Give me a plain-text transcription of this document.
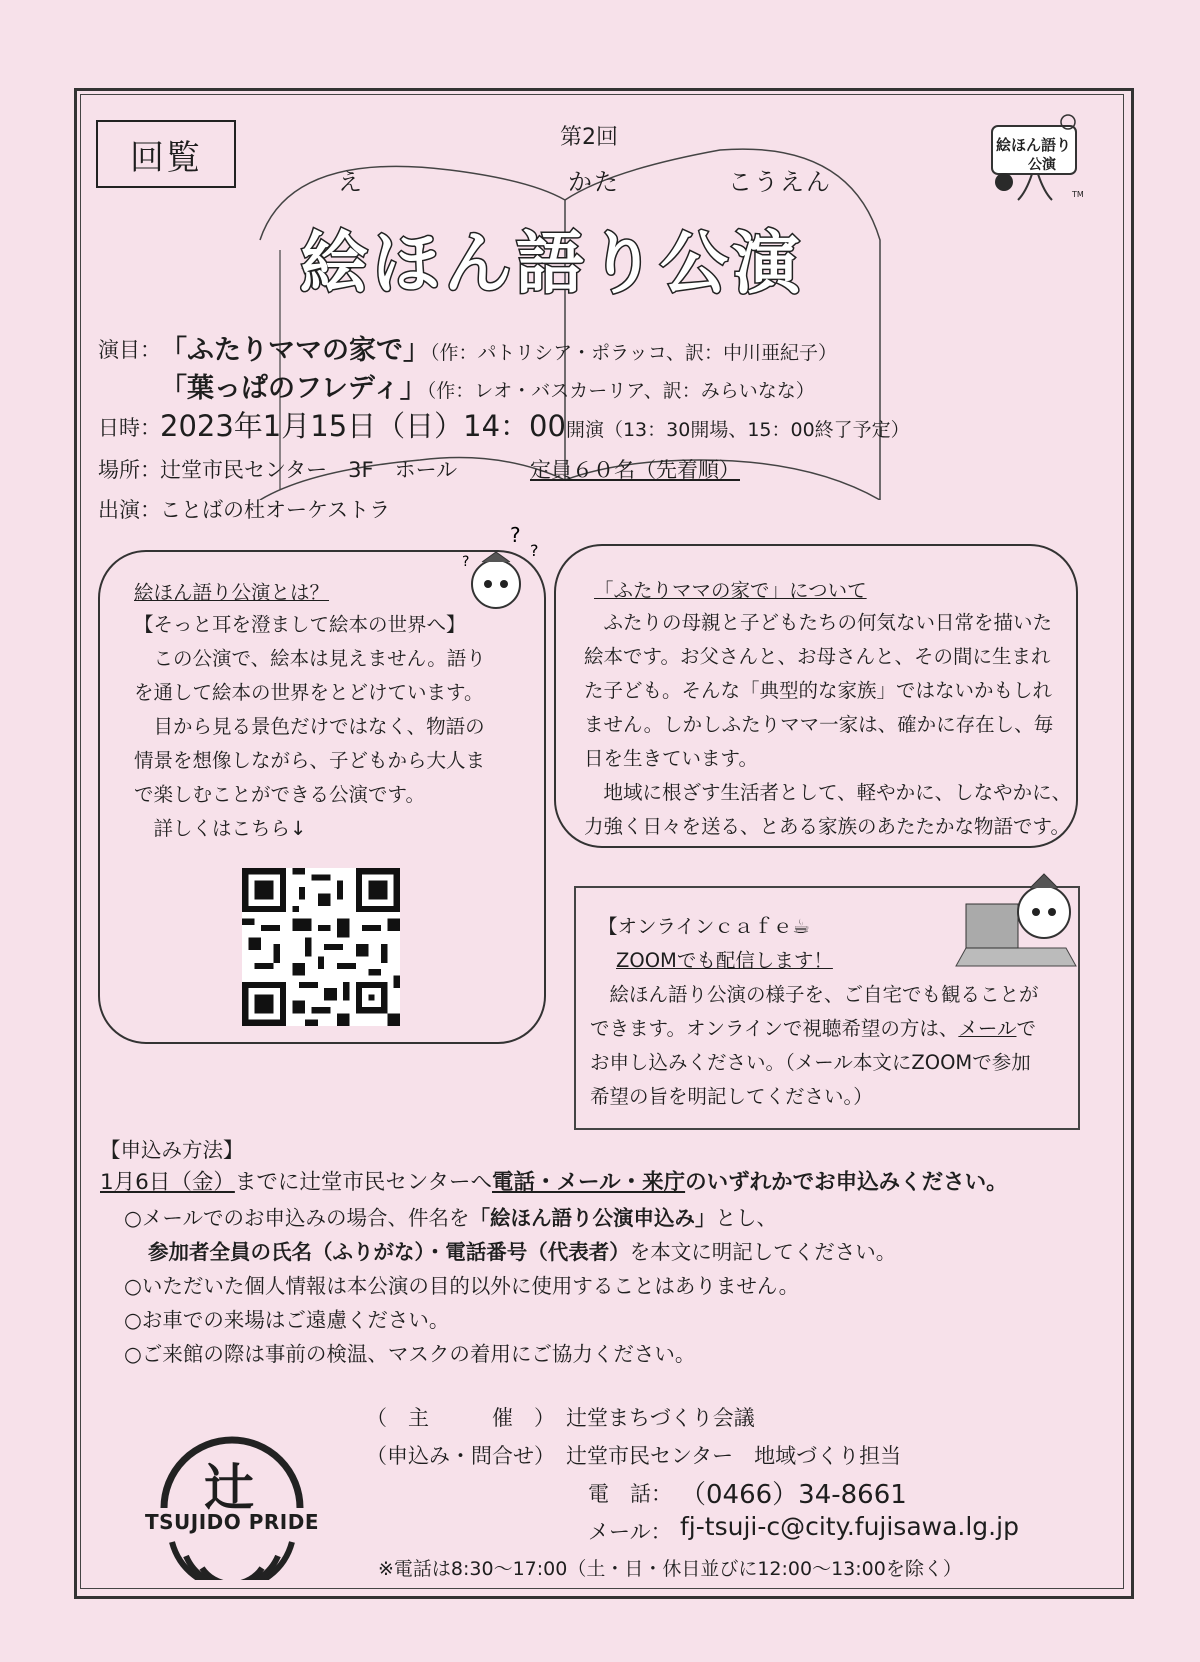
回覧	第2回
え	かた	こうえん
絵ほん語り公演
絵ほん語り
公演
TM
演目： 「ふたりママの家で」（作：パトリシア・ポラッコ、訳：中川亜紀子）
「葉っぱのフレディ」（作：レオ・バスカーリア、訳：みらいなな）
日時： 2023年1月15日（日）14：00開演（13：30開場、15：00終了予定）
場所： 辻堂市民センター　3F　ホール	定員６０名（先着順）
出演： ことばの杜オーケストラ
絵ほん語り公演とは？
【そっと耳を澄まして絵本の世界へ】
　この公演で、絵本は見えません。語り
を通して絵本の世界をとどけています。
　目から見る景色だけではなく、物語の
情景を想像しながら、子どもから大人ま
で楽しむことができる公演です。
　詳しくはこちら↓
?
?
?
「ふたりママの家で」について
　ふたりの母親と子どもたちの何気ない日常を描いた
絵本です。お父さんと、お母さんと、その間に生まれ
た子ども。そんな「典型的な家族」ではないかもしれ
ません。しかしふたりママ一家は、確かに存在し、毎
日を生きています。
　地域に根ざす生活者として、軽やかに、しなやかに、
力強く日々を送る、とある家族のあたたかな物語です。
【オンラインｃａｆｅ☕
ZOOMでも配信します！
　絵ほん語り公演の様子を、ご自宅でも観ることが
できます。オンラインで視聴希望の方は、メールで
お申し込みください。（メール本文にZOOMで参加
希望の旨を明記してください。）
【申込み方法】
1月6日（金）までに辻堂市民センターへ電話・メール・来庁のいずれかでお申込みください。
○メールでのお申込みの場合、件名を「絵ほん語り公演申込み」とし、
参加者全員の氏名（ふりがな）・電話番号（代表者）を本文に明記してください。
○いただいた個人情報は本公演の目的以外に使用することはありません。
○お車での来場はご遠慮ください。
○ご来館の際は事前の検温、マスクの着用にご協力ください。
辻
TSUJIDO PRIDE
（　主　　　催　） 辻堂まちづくり会議
（申込み・問合せ） 辻堂市民センター　地域づくり担当
電　話： （0466）34-8661
メール： fj-tsuji-c@city.fujisawa.lg.jp
※電話は8:30～17:00（土・日・休日並びに12:00～13:00を除く）
